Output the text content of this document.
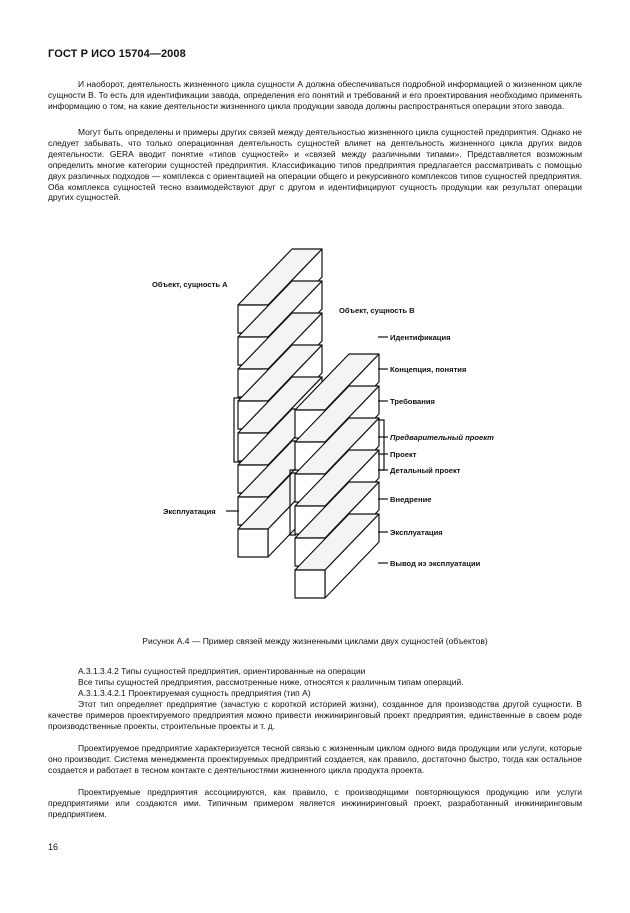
ГОСТ Р ИСО 15704—2008

И наоборот, деятельность жизненного цикла сущности А должна обеспечиваться подробной информацией о жизненном цикле сущности В. То есть для идентификации завода, определения его понятий и требований и его проектирования необходимо применять информацию о том, на какие деятельности жизненного цикла продукции завода должны распространяться операции этого завода.

Могут быть определены и примеры других связей между деятельностью жизненного цикла сущностей предприятия. Однако не следует забывать, что только операционная деятельность сущностей влияет на деятельность жизненного цикла других видов деятельности. GERA вводит понятие «типов сущностей» и «связей между различными типами». Представляется возможным определить многие категории сущностей предприятия. Классификацию типов предприятия предлагается рассматривать с помощью двух различных подходов — комплекса с ориентацией на операции общего и рекурсивного комплексов типов сущностей предприятия. Оба комплекса сущностей тесно взаимодействуют друг с другом и идентифицируют сущность продукции как результат операции других сущностей.

Объект, сущность А
Объект, сущность В
Эксплуатация
Идентификация
Концепция, понятия
Требования
Предварительный проект
Проект
Детальный проект
Внедрение
Эксплуатация
Вывод из эксплуатации
Рисунок А.4 — Пример связей между жизненными циклами двух сущностей (объектов)

А.3.1.3.4.2 Типы сущностей предприятия, ориентированные на операции

Все типы сущностей предприятия, рассмотренные ниже, относятся к различным типам операций.

А.3.1.3.4.2.1 Проектируемая сущность предприятия (тип А)

Этот тип определяет предприятие (зачастую с короткой историей жизни), созданное для производства другой сущности. В качестве примеров проектируемого предприятия можно привести инжиниринговый проект предприятия, единственные в своем роде производственные проекты, строительные проекты и т. д.

Проектируемое предприятие характеризуется тесной связью с жизненным циклом одного вида продукции или услуги, которые оно производит. Система менеджмента проектируемых предприятий создается, как правило, достаточно быстро, тогда как остальное создается и работает в тесном контакте с деятельностями жизненного цикла продукта проекта.

Проектируемые предприятия ассоциируются, как правило, с производящими повторяющуюся продукцию или услуги предприятиями или создаются ими. Типичным примером является инжиниринговый проект, разработанный инжиниринговым предприятием.

16
